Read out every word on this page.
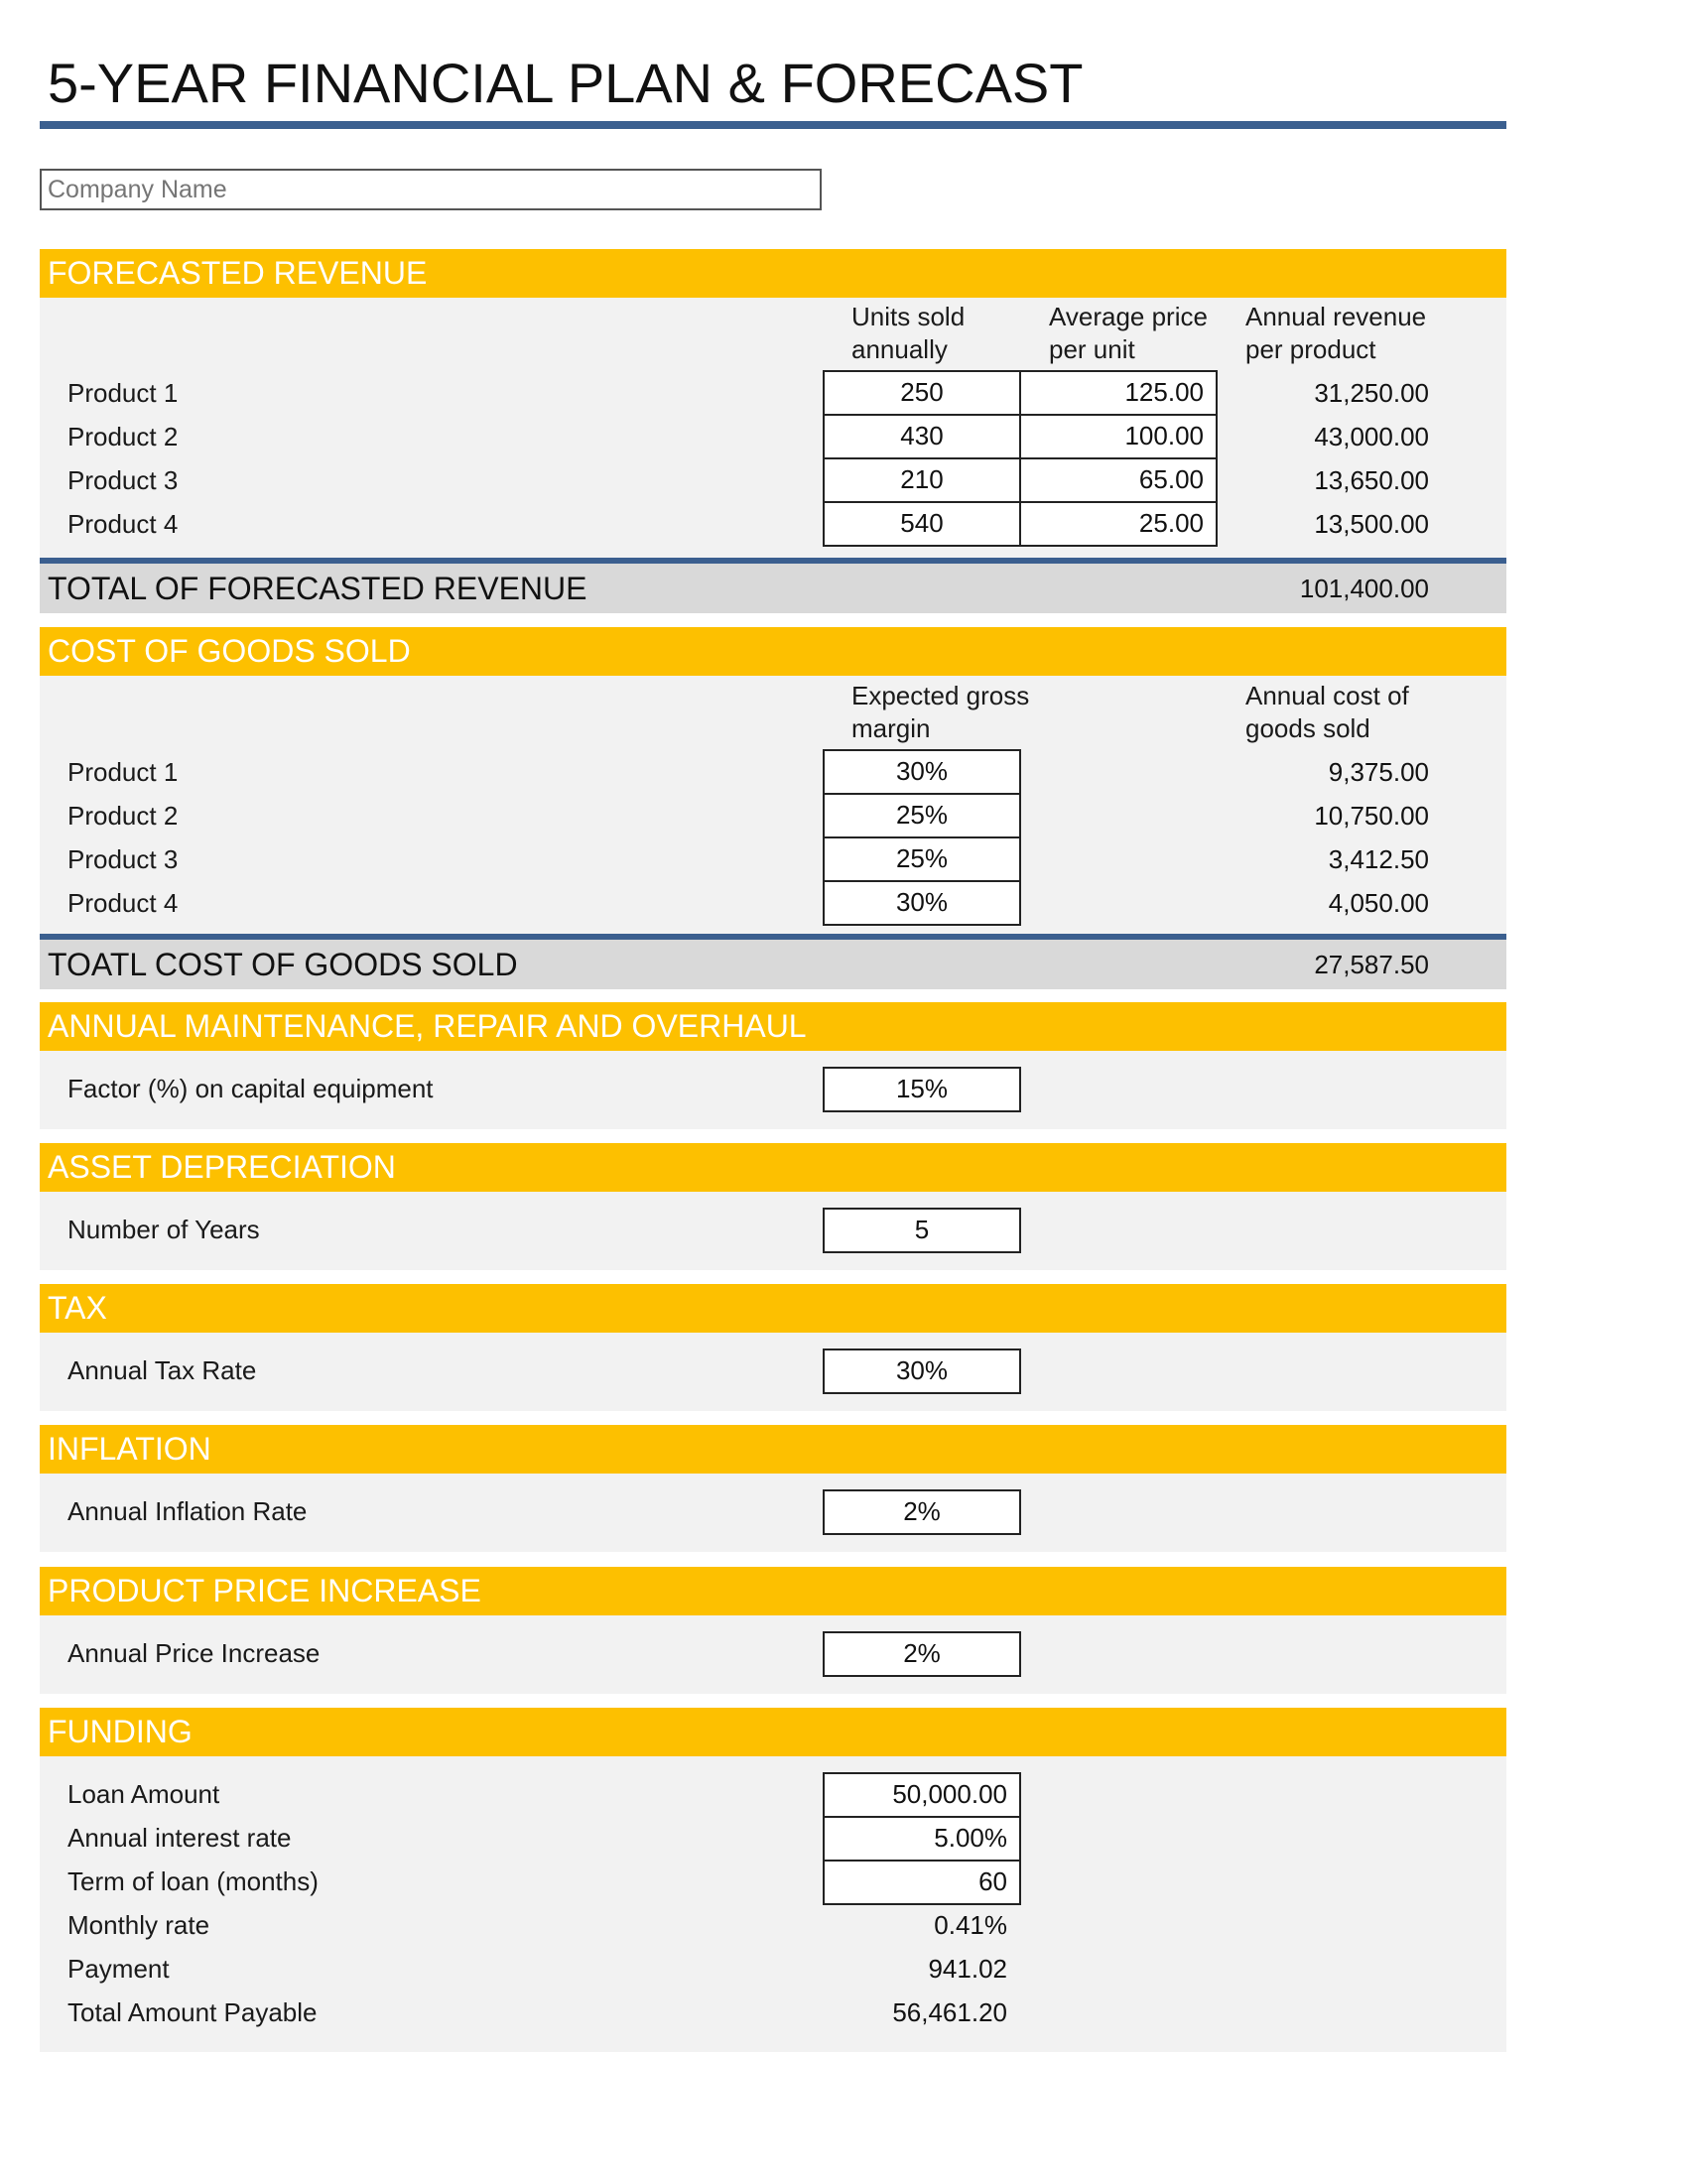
5-YEAR FINANCIAL PLAN & FORECAST
Company Name
FORECASTED REVENUE
Units sold annually
Average price per unit
Annual revenue per product
Product 1	250	125.00	31,250.00
Product 2	430	100.00	43,000.00
Product 3	210	65.00	13,650.00
Product 4	540	25.00	13,500.00
TOTAL OF FORECASTED REVENUE	101,400.00
COST OF GOODS SOLD
Expected gross margin
Annual cost of goods sold
Product 1	30%	9,375.00
Product 2	25%	10,750.00
Product 3	25%	3,412.50
Product 4	30%	4,050.00
TOATL COST OF GOODS SOLD	27,587.50
ANNUAL MAINTENANCE, REPAIR AND OVERHAUL
Factor (%) on capital equipment	15%
ASSET DEPRECIATION
Number of Years	5
TAX
Annual Tax Rate	30%
INFLATION
Annual Inflation Rate	2%
PRODUCT PRICE INCREASE
Annual Price Increase	2%
FUNDING
Loan Amount	50,000.00
Annual interest rate	5.00%
Term of loan (months)	60
Monthly rate	0.41%
Payment	941.02
Total Amount Payable	56,461.20
